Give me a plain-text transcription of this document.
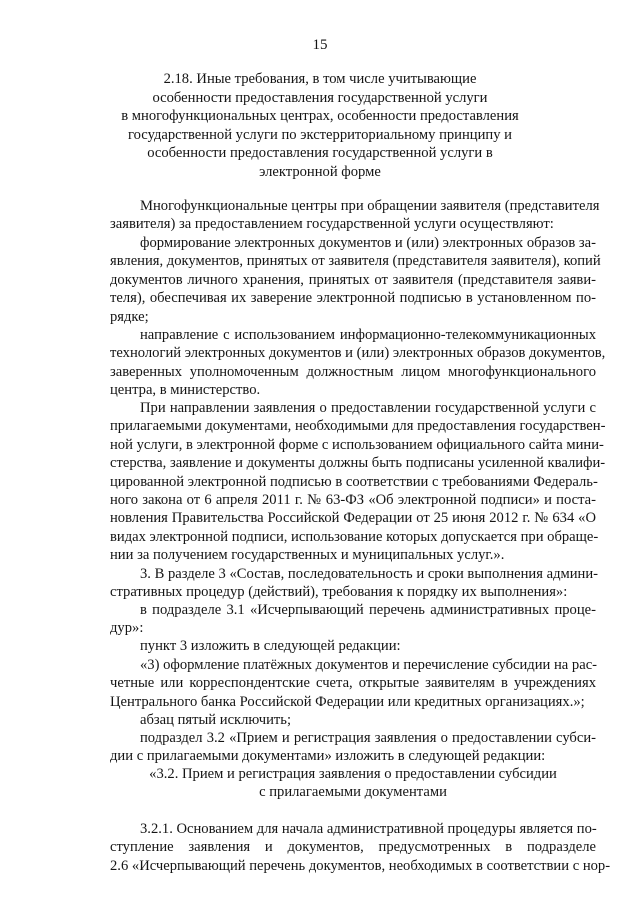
15
2.18. Иные требования, в том числе учитывающие
особенности предоставления государственной услуги
в многофункциональных центрах, особенности предоставления
государственной услуги по экстерриториальному принципу и
особенности предоставления государственной услуги в
электронной форме
Многофункциональные центры при обращении заявителя (представителя
заявителя) за предоставлением государственной услуги осуществляют:
формирование электронных документов и (или) электронных образов за-
явления, документов, принятых от заявителя (представителя заявителя), копий
документов личного хранения, принятых от заявителя (представителя заяви-
теля), обеспечивая их заверение электронной подписью в установленном по-
рядке;
направление с использованием информационно-телекоммуникационных
технологий электронных документов и (или) электронных образов документов,
заверенных уполномоченным должностным лицом многофункционального
центра, в министерство.
При направлении заявления о предоставлении государственной услуги с
прилагаемыми документами, необходимыми для предоставления государствен-
ной услуги, в электронной форме с использованием официального сайта мини-
стерства, заявление и документы должны быть подписаны усиленной квалифи-
цированной электронной подписью в соответствии с требованиями Федераль-
ного закона от 6 апреля 2011 г. № 63-ФЗ «Об электронной подписи» и поста-
новления Правительства Российской Федерации от 25 июня 2012 г. № 634 «О
видах электронной подписи, использование которых допускается при обраще-
нии за получением государственных и муниципальных услуг.».
3. В разделе 3 «Состав, последовательность и сроки выполнения админи-
стративных процедур (действий), требования к порядку их выполнения»:
в подразделе 3.1 «Исчерпывающий перечень административных проце-
дур»:
пункт 3 изложить в следующей редакции:
«3) оформление платёжных документов и перечисление субсидии на рас-
четные или корреспондентские счета, открытые заявителям в учреждениях
Центрального банка Российской Федерации или кредитных организациях.»;
абзац пятый исключить;
подраздел 3.2 «Прием и регистрация заявления о предоставлении субси-
дии с прилагаемыми документами» изложить в следующей редакции:
«3.2. Прием и регистрация заявления о предоставлении субсидии
с прилагаемыми документами
3.2.1. Основанием для начала административной процедуры является по-
ступление заявления и документов, предусмотренных в подразделе
2.6 «Исчерпывающий перечень документов, необходимых в соответствии с нор-
